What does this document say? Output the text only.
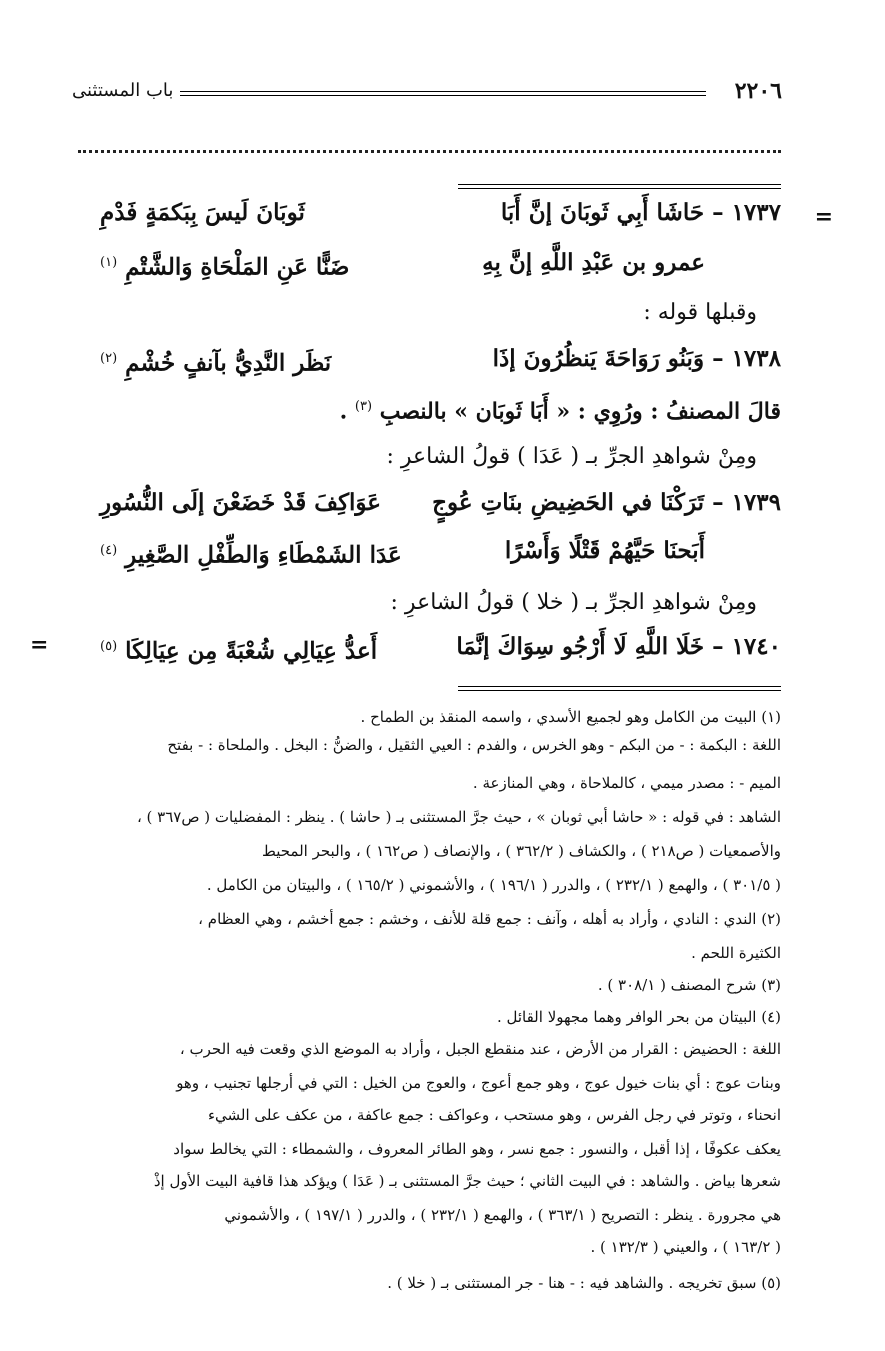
٢٢٠٦
باب المستثنى
=
=
١٧٣٧ – حَاشَا أَبِي ثَوبَانَ إنَّ أَبَا
ثَوبَانَ لَيسَ بِبَكمَةٍ فَدْمِ
عمرو بن عَبْدِ اللَّهِ إنَّ بِهِ
ضَنًّا عَنِ المَلْحَاةِ وَالشَّتْمِ $^{(١)}$
وقبلها قوله :
١٧٣٨ – وَبَنُو رَوَاحَةَ يَنظُرُونَ إذَا
نَظَر النَّدِيُّ بآنفٍ خُشْمِ $^{(٢)}$
قالَ المصنفُ : ورُوِي : « أَبَا ثَوبَان » بالنصبِ $^{(٣)}$ .
ومِنْ شواهدِ الجرِّ بـ ( عَدَا ) قولُ الشاعرِ :
١٧٣٩ – تَرَكْنَا في الحَضِيضِ بنَاتِ عُوجٍ
عَوَاكِفَ قَدْ خَضَعْنَ إلَى النُّسُورِ
أَبَحنَا حَيَّهُمْ قَتْلًا وَأَسْرًا
عَدَا الشَمْطَاءِ وَالطِّفْلِ الصَّغِيرِ $^{(٤)}$
ومِنْ شواهدِ الجرِّ بـ ( خلا ) قولُ الشاعرِ :
١٧٤٠ – خَلَا اللَّهِ لَا أَرْجُو سِوَاكَ إنَّمَا
أَعدُّ عِيَالِي شُعْبَةً مِن عِيَالِكَا $^{(٥)}$
(١) البيت من الكامل وهو لجميع الأسدي ، واسمه المنقذ بن الطماح .
اللغة : البكمة : - من البكم - وهو الخرس ، والفدم : العيي الثقيل ، والضنُّ : البخل . والملحاة : - بفتح
الميم - : مصدر ميمي ، كالملاحاة ، وهي المنازعة .
الشاهد : في قوله : « حاشا أبي ثوبان » ، حيث جرَّ المستثنى بـ ( حاشا ) . ينظر : المفضليات ( ص٣٦٧ ) ،
والأصمعيات ( ص٢١٨ ) ، والكشاف ( ٣٦٢/٢ ) ، والإنصاف ( ص١٦٢ ) ، والبحر المحيط
( ٣٠١/٥ ) ، والهمع ( ٢٣٢/١ ) ، والدرر ( ١٩٦/١ ) ، والأشموني ( ١٦٥/٢ ) ، والبيتان من الكامل .
(٢) الندي : النادي ، وأراد به أهله ، وآنف : جمع قلة للأنف ، وخشم : جمع أخشم ، وهي العظام ،
الكثيرة اللحم .
(٣) شرح المصنف ( ٣٠٨/١ ) .
(٤) البيتان من بحر الوافر وهما مجهولا القائل .
اللغة : الحضيض : القرار من الأرض ، عند منقطع الجبل ، وأراد به الموضع الذي وقعت فيه الحرب ،
وبنات عوج : أي بنات خيول عوج ، وهو جمع أعوج ، والعوج من الخيل : التي في أرجلها تجنيب ، وهو
انحناء ، وتوتر في رجل الفرس ، وهو مستحب ، وعواكف : جمع عاكفة ، من عكف على الشيء
يعكف عكوفًا ، إذا أقبل ، والنسور : جمع نسر ، وهو الطائر المعروف ، والشمطاء : التي يخالط سواد
شعرها بياض . والشاهد : في البيت الثاني ؛ حيث جرَّ المستثنى بـ ( عَدَا ) ويؤكد هذا قافية البيت الأول إذْ
هي مجرورة . ينظر : التصريح ( ٣٦٣/١ ) ، والهمع ( ٢٣٢/١ ) ، والدرر ( ١٩٧/١ ) ، والأشموني
( ١٦٣/٢ ) ، والعيني ( ١٣٢/٣ ) .
(٥) سبق تخريجه . والشاهد فيه : - هنا - جر المستثنى بـ ( خلا ) .
